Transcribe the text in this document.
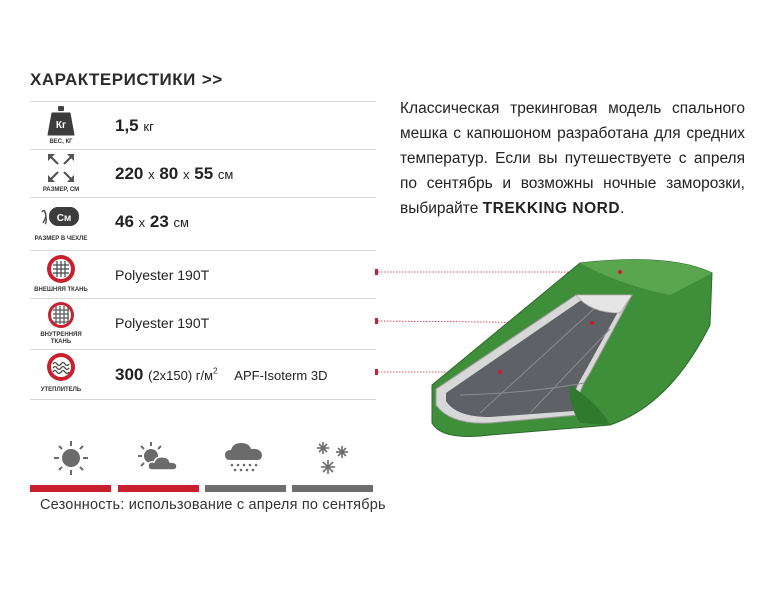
ХАРАКТЕРИСТИКИ >>
Кг
ВЕС, КГ
1,5 кг
РАЗМЕР, СМ
220 х 80 х 55 см
См
РАЗМЕР В ЧЕХЛЕ
46 х 23 см
ВНЕШНЯЯ ТКАНЬ
Polyester 190T
ВНУТРЕННЯЯ
ТКАНЬ
Polyester 190T
УТЕПЛИТЕЛЬ
300 (2x150) $г/м^2$ APF-Isoterm 3D
Классическая трекинговая модель спального мешка с капюшоном разработана для средних температур. Если вы путешествуете с апреля по сентябрь и возможны ночные заморозки, выбирайте TREKKING NORD.
Сезонность: использование с апреля по сентябрь
